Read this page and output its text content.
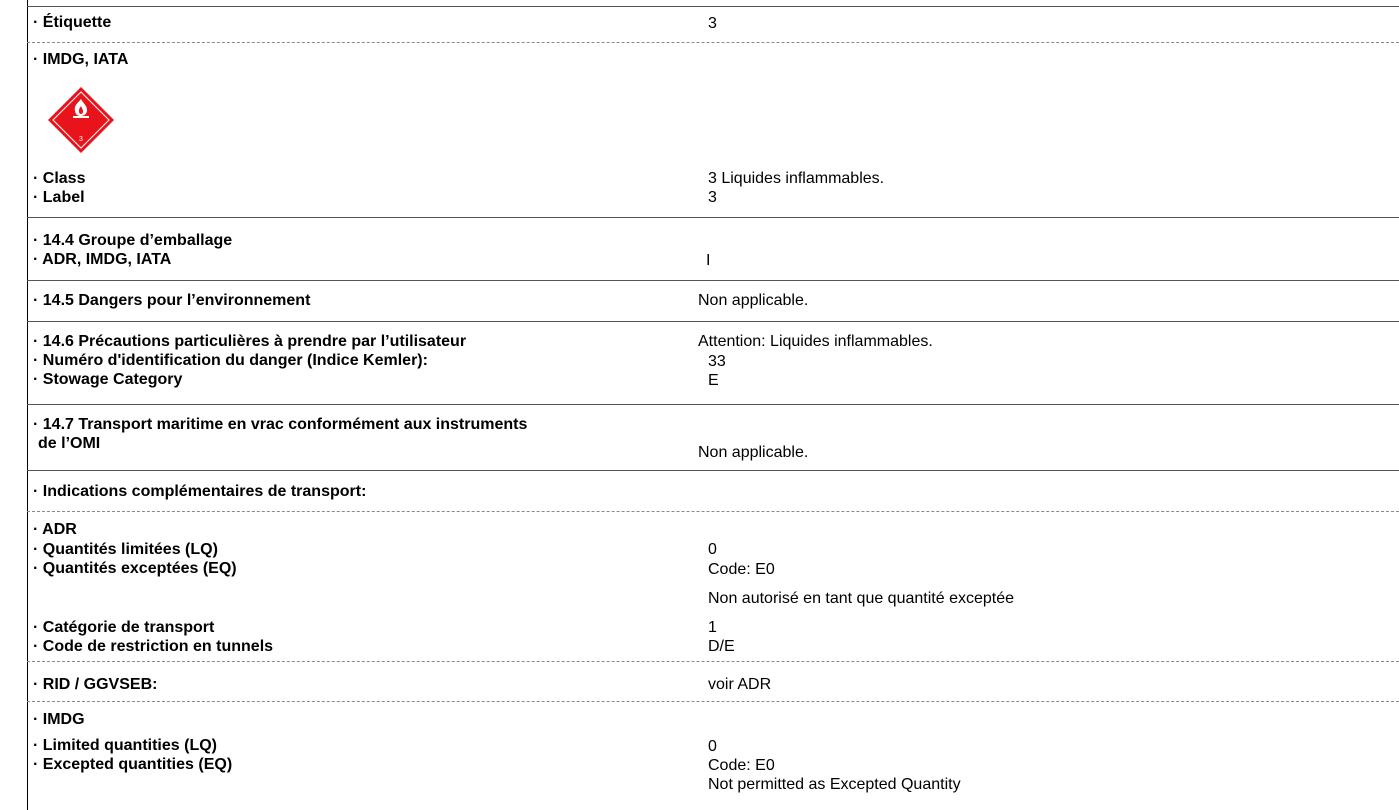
· Étiquette	3
· IMDG, IATA
3
· Class	3 Liquides inflammables.
· Label	3
· 14.4 Groupe d’emballage
· ADR, IMDG, IATA	I
· 14.5 Dangers pour l’environnement	Non applicable.
· 14.6 Précautions particulières à prendre par l’utilisateur	Attention: Liquides inflammables.
· Numéro d'identification du danger (Indice Kemler):	33
· Stowage Category	E
· 14.7 Transport maritime en vrac conformément aux instruments
de l’OMI
Non applicable.
· Indications complémentaires de transport:
· ADR
· Quantités limitées (LQ)	0
· Quantités exceptées (EQ)	Code: E0
Non autorisé en tant que quantité exceptée
· Catégorie de transport	1
· Code de restriction en tunnels	D/E
· RID / GGVSEB:	voir ADR
· IMDG
· Limited quantities (LQ)	0
· Excepted quantities (EQ)	Code: E0
Not permitted as Excepted Quantity
